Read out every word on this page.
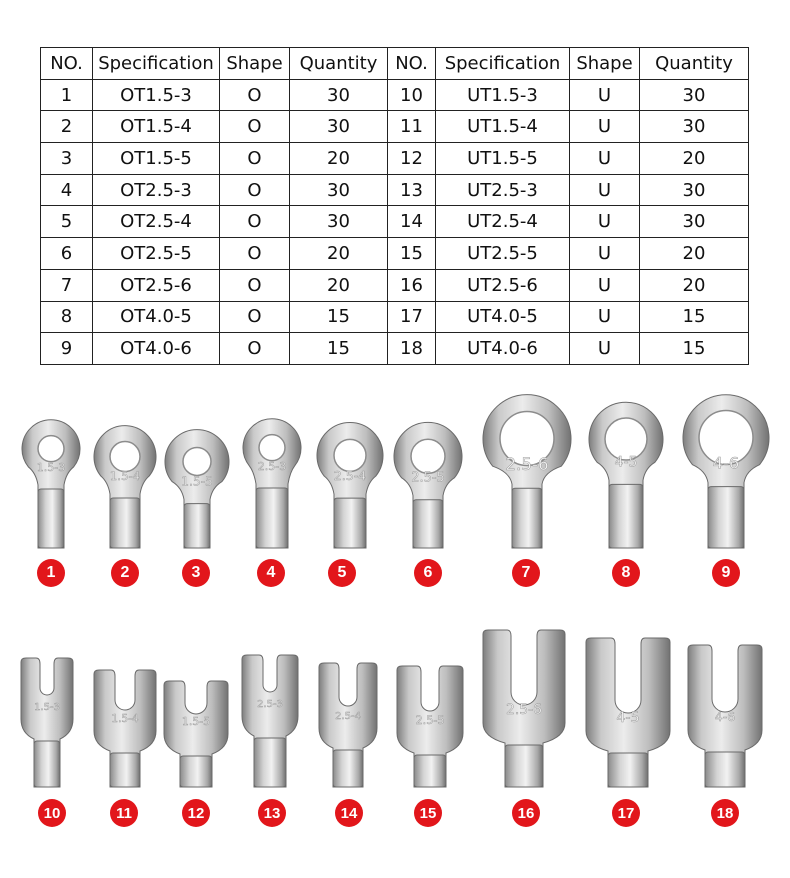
NO.	Specification	Shape	Quantity	NO.	Specification	Shape	Quantity
1	OT1.5-3	O	30	10	UT1.5-3	U	30
2	OT1.5-4	O	30	11	UT1.5-4	U	30
3	OT1.5-5	O	20	12	UT1.5-5	U	20
4	OT2.5-3	O	30	13	UT2.5-3	U	30
5	OT2.5-4	O	30	14	UT2.5-4	U	30
6	OT2.5-5	O	20	15	UT2.5-5	U	20
7	OT2.5-6	O	20	16	UT2.5-6	U	20
8	OT4.0-5	O	15	17	UT4.0-5	U	15
9	OT4.0-6	O	15	18	UT4.0-6	U	15
1.5-3
1.5-4	1.5-5
2.5-3
2.5-4	2.5-5
2.5-6	4-5	4-6
1.5-3
1.5-4	1.5-5
2.5-3
2.5-4	2.5-5
2.5-6	4-5	4-6
1	2	3	4	5	6	7	8	9
10	11	12	13	14	15	16	17	18
